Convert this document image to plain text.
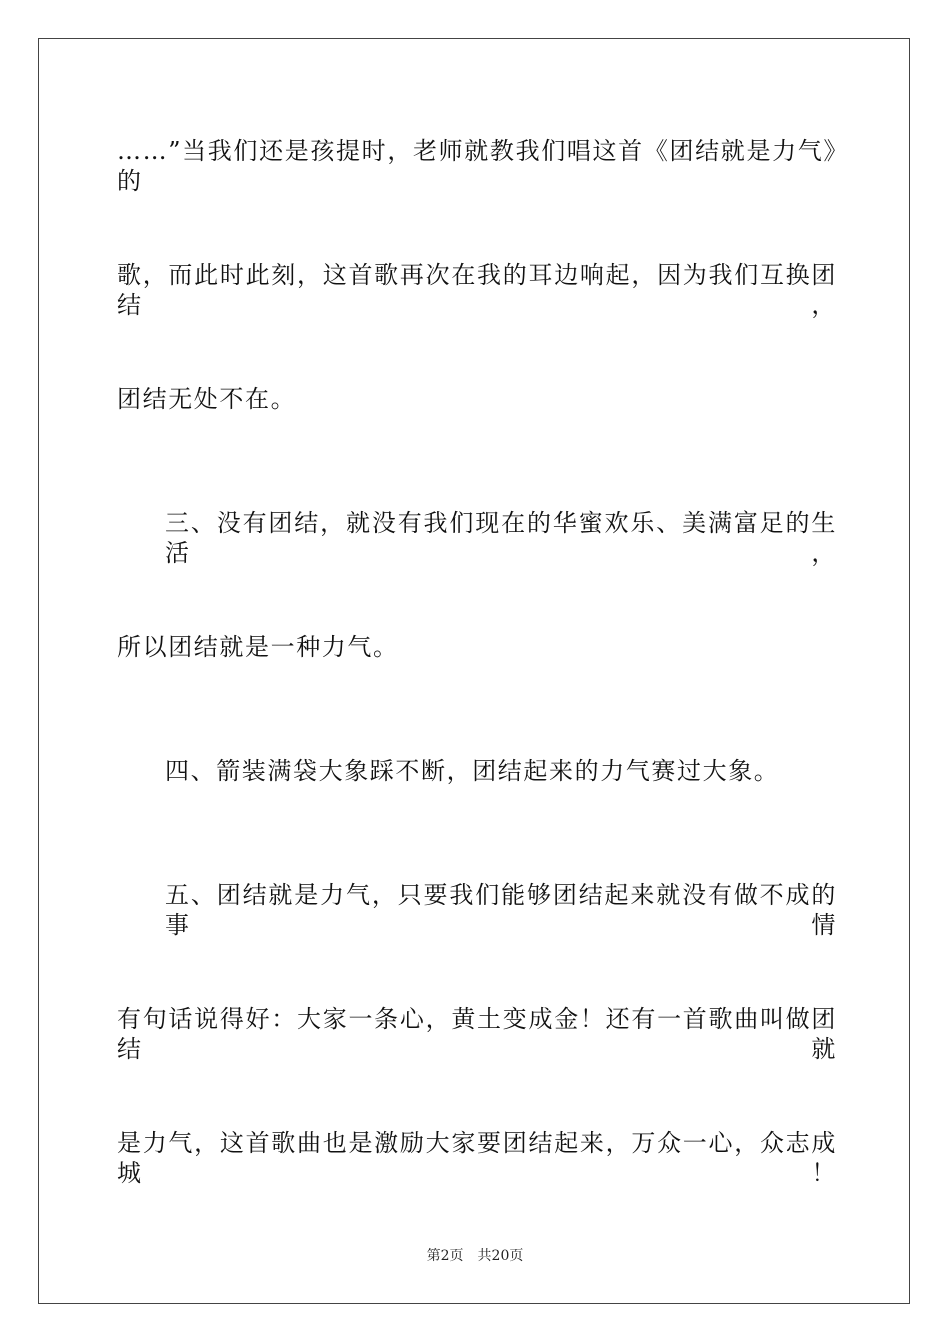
……”当我们还是孩提时，老师就教我们唱这首《团结就是力气》的
歌，而此时此刻，这首歌再次在我的耳边响起，因为我们互换团结，
团结无处不在。
三、没有团结，就没有我们现在的华蜜欢乐、美满富足的生活，
所以团结就是一种力气。
四、箭装满袋大象踩不断，团结起来的力气赛过大象。
五、团结就是力气，只要我们能够团结起来就没有做不成的事情
有句话说得好：大家一条心，黄土变成金！还有一首歌曲叫做团结就
是力气，这首歌曲也是激励大家要团结起来，万众一心，众志成城！
第2页 共20页
